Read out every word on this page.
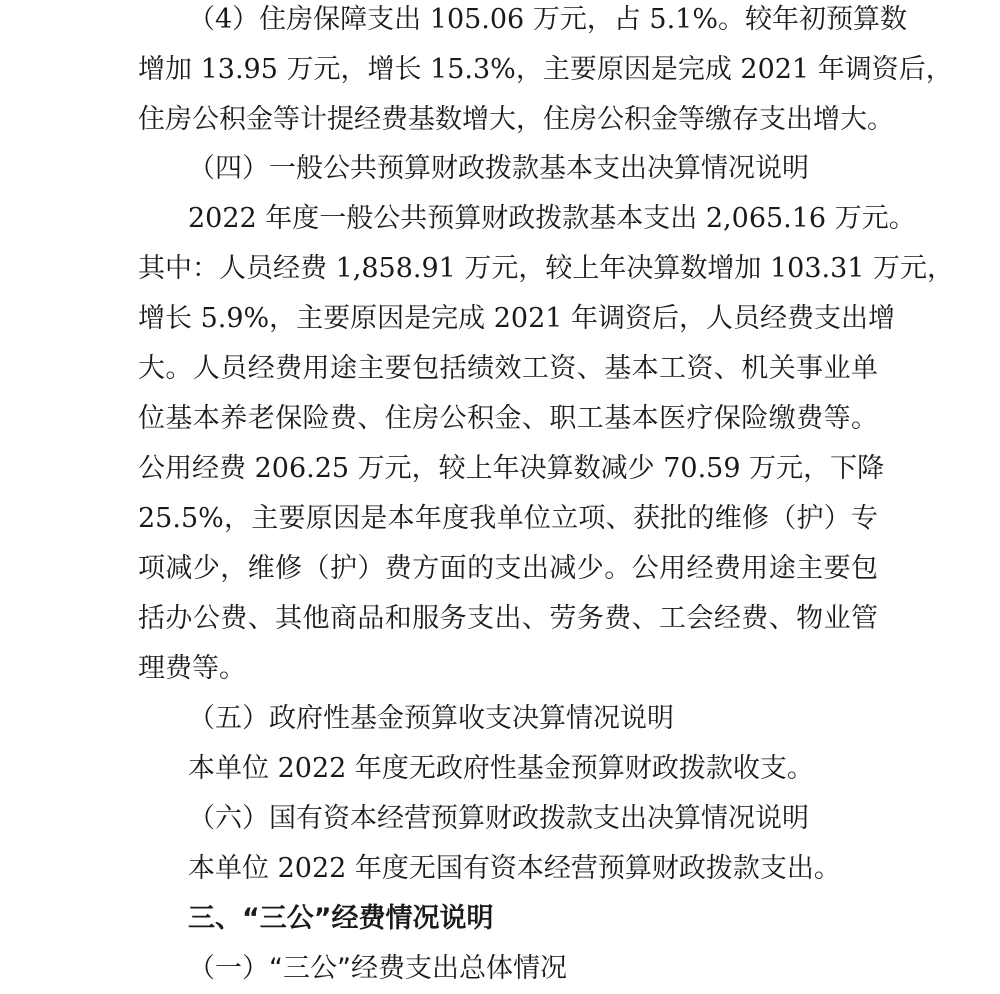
（4）住房保障支出 105.06 万元，占 5.1%。较年初预算数
增加 13.95 万元，增长 15.3%，主要原因是完成 2021 年调资后，
住房公积金等计提经费基数增大，住房公积金等缴存支出增大。
（四）一般公共预算财政拨款基本支出决算情况说明
2022 年度一般公共预算财政拨款基本支出 2,065.16 万元。
其中：人员经费 1,858.91 万元，较上年决算数增加 103.31 万元，
增长 5.9%，主要原因是完成 2021 年调资后，人员经费支出增
大。人员经费用途主要包括绩效工资、基本工资、机关事业单
位基本养老保险费、住房公积金、职工基本医疗保险缴费等。
公用经费 206.25 万元，较上年决算数减少 70.59 万元，下降
25.5%，主要原因是本年度我单位立项、获批的维修（护）专
项减少，维修（护）费方面的支出减少。公用经费用途主要包
括办公费、其他商品和服务支出、劳务费、工会经费、物业管
理费等。
（五）政府性基金预算收支决算情况说明
本单位 2022 年度无政府性基金预算财政拨款收支。
（六）国有资本经营预算财政拨款支出决算情况说明
本单位 2022 年度无国有资本经营预算财政拨款支出。
三、“三公”经费情况说明
（一）“三公”经费支出总体情况
